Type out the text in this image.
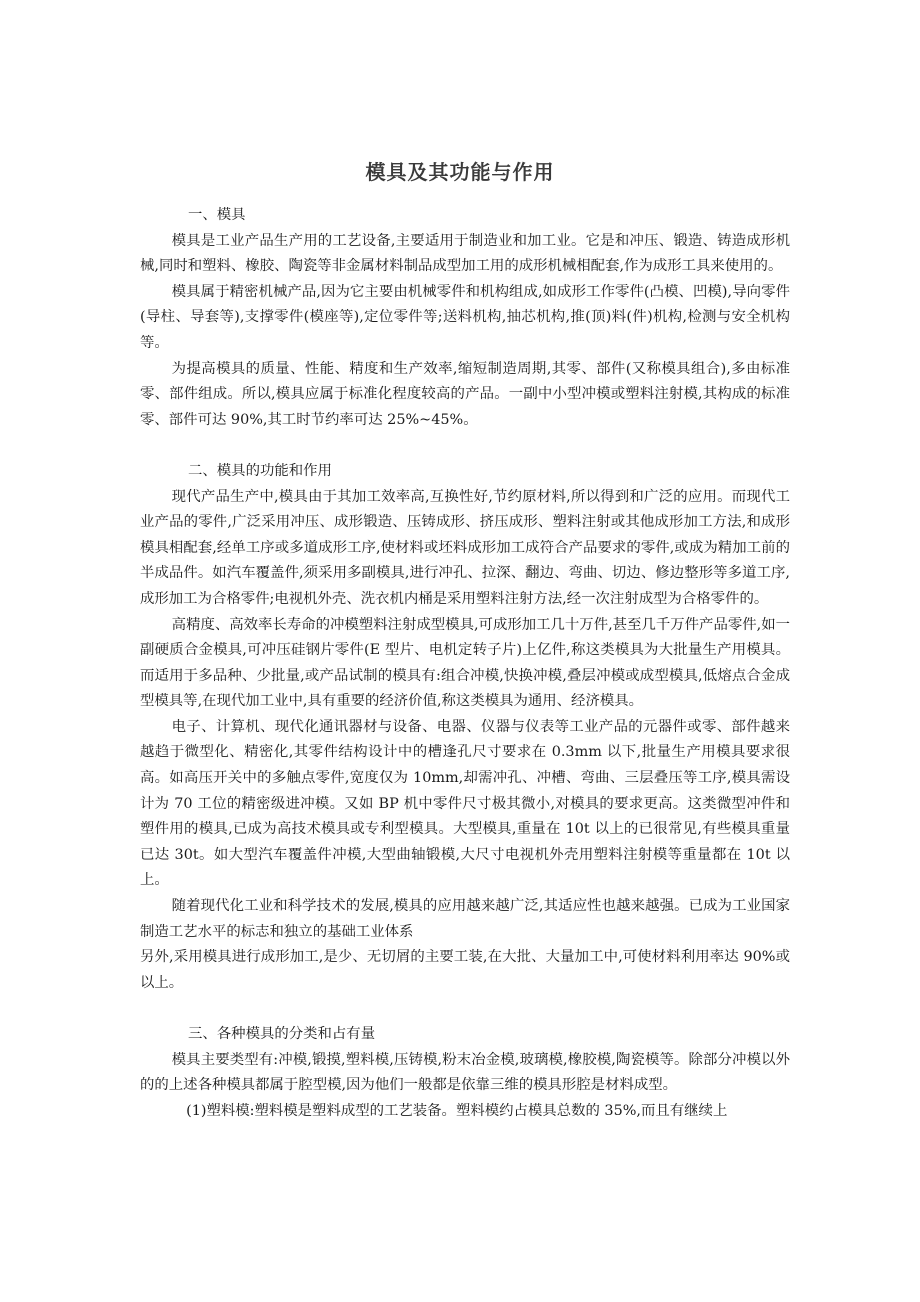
模具及其功能与作用

一、模具

模具是工业产品生产用的工艺设备,主要适用于制造业和加工业。它是和冲压、锻造、铸造成形机械,同时和塑料、橡胶、陶瓷等非金属材料制品成型加工用的成形机械相配套,作为成形工具来使用的。

模具属于精密机械产品,因为它主要由机械零件和机构组成,如成形工作零件(凸模、凹模),导向零件(导柱、导套等),支撑零件(模座等),定位零件等;送料机构,抽芯机构,推(顶)料(件)机构,检测与安全机构等。

为提高模具的质量、性能、精度和生产效率,缩短制造周期,其零、部件(又称模具组合),多由标准零、部件组成。所以,模具应属于标准化程度较高的产品。一副中小型冲模或塑料注射模,其构成的标准零、部件可达 90%,其工时节约率可达 25%~45%。

二、模具的功能和作用

现代产品生产中,模具由于其加工效率高,互换性好,节约原材料,所以得到和广泛的应用。而现代工业产品的零件,广泛采用冲压、成形锻造、压铸成形、挤压成形、塑料注射或其他成形加工方法,和成形模具相配套,经单工序或多道成形工序,使材料或坯料成形加工成符合产品要求的零件,或成为精加工前的半成品件。如汽车覆盖件,须采用多副模具,进行冲孔、拉深、翻边、弯曲、切边、修边整形等多道工序,成形加工为合格零件;电视机外壳、洗衣机内桶是采用塑料注射方法,经一次注射成型为合格零件的。

高精度、高效率长寿命的冲模塑料注射成型模具,可成形加工几十万件,甚至几千万件产品零件,如一副硬质合金模具,可冲压硅钢片零件(E 型片、电机定转子片)上亿件,称这类模具为大批量生产用模具。而适用于多品种、少批量,或产品试制的模具有:组合冲模,快换冲模,叠层冲模或成型模具,低熔点合金成型模具等,在现代加工业中,具有重要的经济价值,称这类模具为通用、经济模具。

电子、计算机、现代化通讯器材与设备、电器、仪器与仪表等工业产品的元器件或零、部件越来越趋于微型化、精密化,其零件结构设计中的槽逢孔尺寸要求在 0.3mm 以下,批量生产用模具要求很高。如高压开关中的多触点零件,宽度仅为 10mm,却需冲孔、冲槽、弯曲、三层叠压等工序,模具需设计为 70 工位的精密级进冲模。又如 BP 机中零件尺寸极其微小,对模具的要求更高。这类微型冲件和塑件用的模具,已成为高技术模具或专利型模具。大型模具,重量在 10t 以上的已很常见,有些模具重量已达 30t。如大型汽车覆盖件冲模,大型曲轴锻模,大尺寸电视机外壳用塑料注射模等重量都在 10t 以上。

随着现代化工业和科学技术的发展,模具的应用越来越广泛,其适应性也越来越强。已成为工业国家制造工艺水平的标志和独立的基础工业体系

另外,采用模具进行成形加工,是少、无切屑的主要工装,在大批、大量加工中,可使材料利用率达 90%或以上。

三、各种模具的分类和占有量

模具主要类型有:冲模,锻摸,塑料模,压铸模,粉末冶金模,玻璃模,橡胶模,陶瓷模等。除部分冲模以外的的上述各种模具都属于腔型模,因为他们一般都是依靠三维的模具形腔是材料成型。

(1)塑料模:塑料模是塑料成型的工艺装备。塑料模约占模具总数的 35%,而且有继续上
